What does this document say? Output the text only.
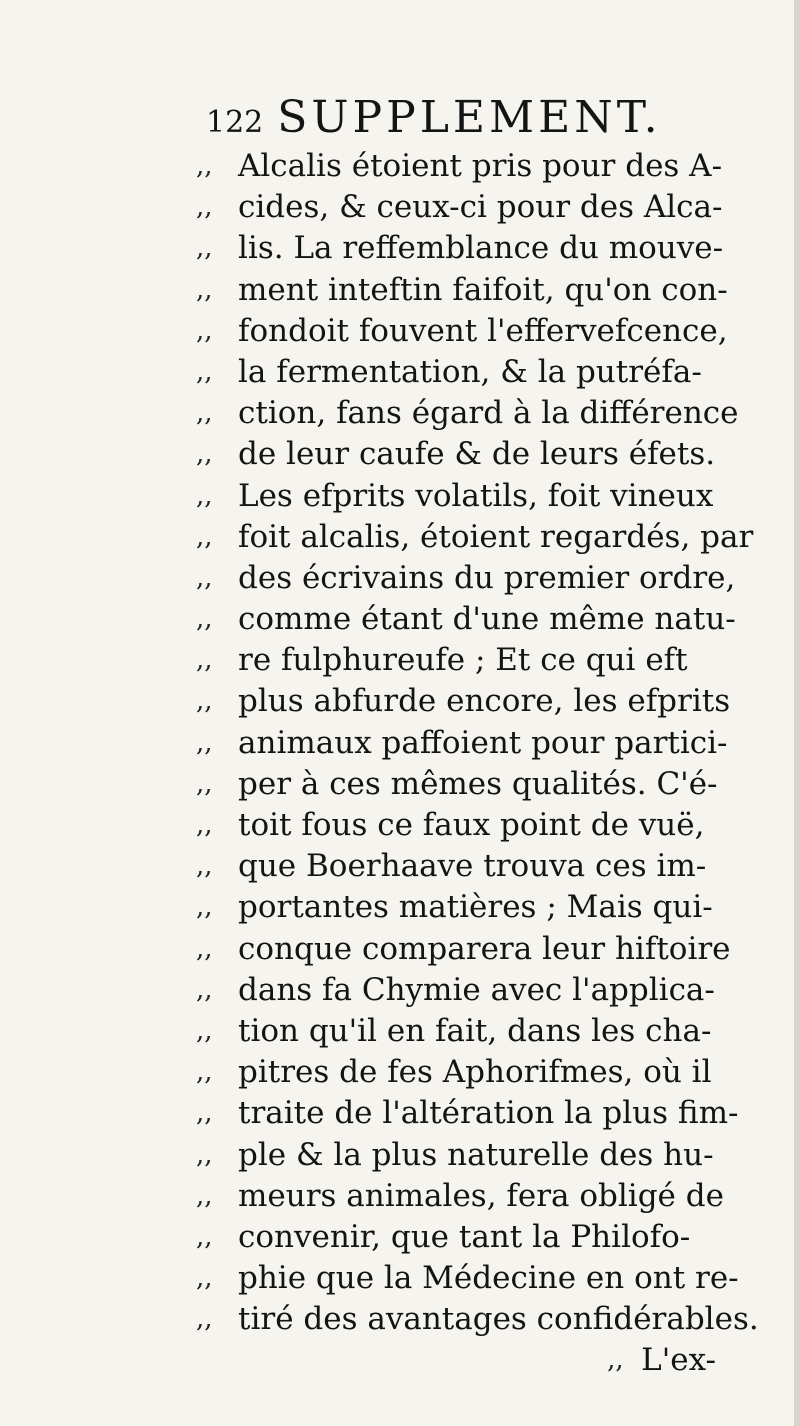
122 SUPPLEMENT.
,, Alcalis étoient pris pour des A-
,, cides, & ceux-ci pour des Alca-
,, lis. La reffemblance du mouve-
,, ment inteftin faifoit, qu'on con-
,, fondoit fouvent l'effervefcence,
,, la fermentation, & la putréfa-
,, ction, fans égard à la différence
,, de leur caufe & de leurs éfets.
,, Les efprits volatils, foit vineux
,, foit alcalis, étoient regardés, par
,, des écrivains du premier ordre,
,, comme étant d'une même natu-
,, re fulphureufe ; Et ce qui eft
,, plus abfurde encore, les efprits
,, animaux paffoient pour partici-
,, per à ces mêmes qualités. C'é-
,, toit fous ce faux point de vuë,
,, que Boerhaave trouva ces im-
,, portantes matières ; Mais qui-
,, conque comparera leur hiftoire
,, dans fa Chymie avec l'applica-
,, tion qu'il en fait, dans les cha-
,, pitres de fes Aphorifmes, où il
,, traite de l'altération la plus fim-
,, ple & la plus naturelle des hu-
,, meurs animales, fera obligé de
,, convenir, que tant la Philofo-
,, phie que la Médecine en ont re-
,, tiré des avantages confidérables.
,, L'ex-
